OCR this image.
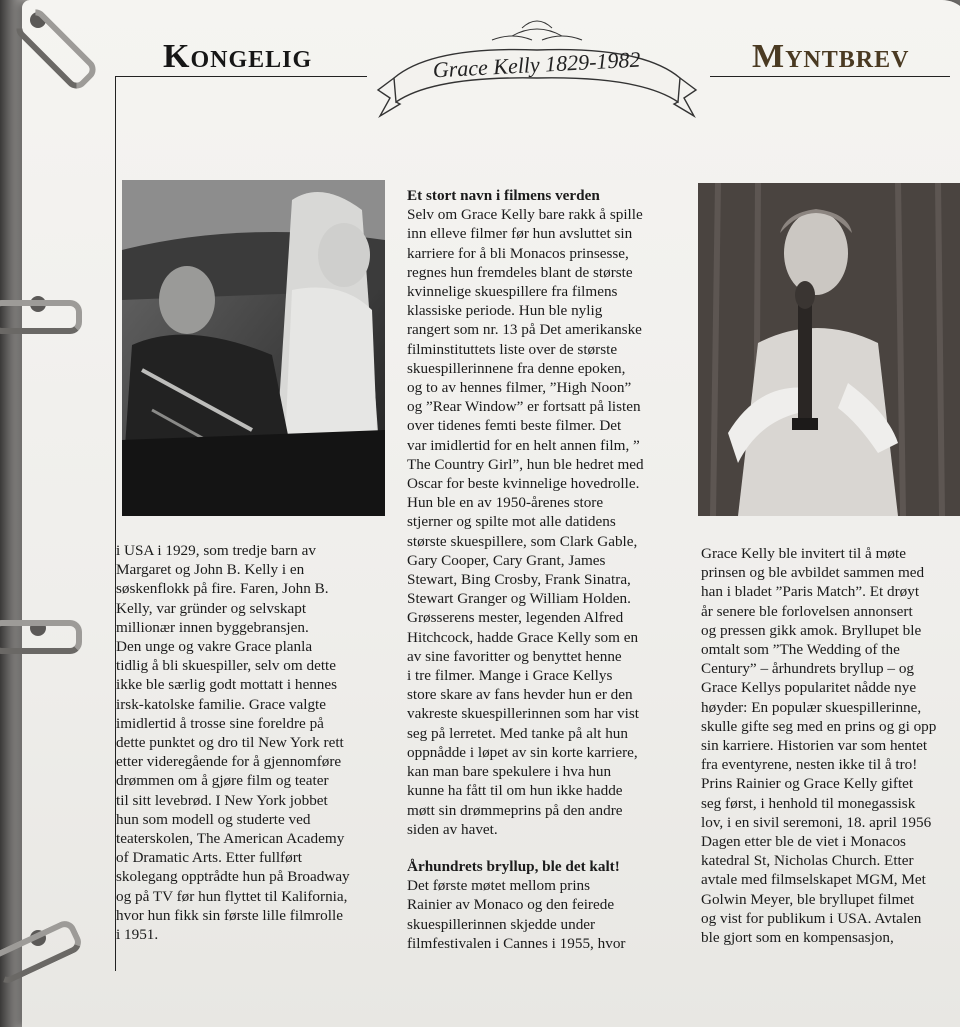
Kongelig	Myntbrev
Grace Kelly 1829-1982

i USA i 1929, som tredje barn av
Margaret og John B. Kelly i en
søskenflokk på fire. Faren, John B.
Kelly, var gründer og selvskapt
millionær innen byggebransjen.
Den unge og vakre Grace planla
tidlig å bli skuespiller, selv om dette
ikke ble særlig godt mottatt i hennes
irsk-katolske familie. Grace valgte
imidlertid å trosse sine foreldre på
dette punktet og dro til New York rett
etter videregående for å gjennomføre
drømmen om å gjøre film og teater
til sitt levebrød. I New York jobbet
hun som modell og studerte ved
teaterskolen, The American Academy
of Dramatic Arts. Etter fullført
skolegang opptrådte hun på Broadway
og på TV før hun flyttet til Kalifornia,
hvor hun fikk sin første lille filmrolle
i 1951.

Et stort navn i filmens verden

Selv om Grace Kelly bare rakk å spille
inn elleve filmer før hun avsluttet sin
karriere for å bli Monacos prinsesse,
regnes hun fremdeles blant de største
kvinnelige skuespillere fra filmens
klassiske periode. Hun ble nylig
rangert som nr. 13 på Det amerikanske
filminstituttets liste over de største
skuespillerinnene fra denne epoken,
og to av hennes filmer, ”High Noon”
og ”Rear Window” er fortsatt på listen
over tidenes femti beste filmer. Det
var imidlertid for en helt annen film, ”
The Country Girl”, hun ble hedret med
Oscar for beste kvinnelige hovedrolle.
Hun ble en av 1950-årenes store
stjerner og spilte mot alle datidens
største skuespillere, som Clark Gable,
Gary Cooper, Cary Grant, James
Stewart, Bing Crosby, Frank Sinatra,
Stewart Granger og William Holden.
Grøsserens mester, legenden Alfred
Hitchcock, hadde Grace Kelly som en
av sine favoritter og benyttet henne
i tre filmer. Mange i Grace Kellys
store skare av fans hevder hun er den
vakreste skuespillerinnen som har vist
seg på lerretet. Med tanke på alt hun
oppnådde i løpet av sin korte karriere,
kan man bare spekulere i hva hun
kunne ha fått til om hun ikke hadde
møtt sin drømmeprins på den andre
siden av havet.

Århundrets bryllup, ble det kalt!

Det første møtet mellom prins
Rainier av Monaco og den feirede
skuespillerinnen skjedde under
filmfestivalen i Cannes i 1955, hvor

Grace Kelly ble invitert til å møte
prinsen og ble avbildet sammen med
han i bladet ”Paris Match”. Et drøyt
år senere ble forlovelsen annonsert
og pressen gikk amok. Bryllupet ble
omtalt som ”The Wedding of the
Century” – århundrets bryllup – og
Grace Kellys popularitet nådde nye
høyder: En populær skuespillerinne,
skulle gifte seg med en prins og gi opp
sin karriere. Historien var som hentet
fra eventyrene, nesten ikke til å tro!
Prins Rainier og Grace Kelly giftet
seg først, i henhold til monegassisk
lov, i en sivil seremoni, 18. april 1956
Dagen etter ble de viet i Monacos
katedral St, Nicholas Church. Etter
avtale med filmselskapet MGM, Met
Golwin Meyer, ble bryllupet filmet
og vist for publikum i USA. Avtalen
ble gjort som en kompensasjon,
